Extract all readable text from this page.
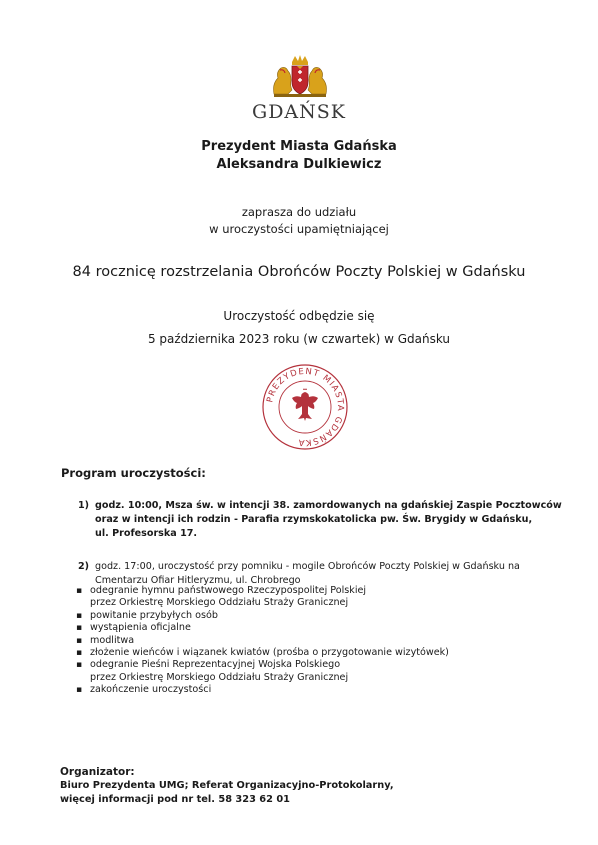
GDAŃSK
Prezydent Miasta Gdańska
Aleksandra Dulkiewicz
zaprasza do udziału
w uroczystości upamiętniającej
84 rocznicę rozstrzelania Obrońców Poczty Polskiej w Gdańsku
Uroczystość odbędzie się
5 października 2023 roku (w czwartek) w Gdańsku
PREZYDENT MIASTA GDAŃSKA
Program uroczystości:
1) godz. 10:00, Msza św. w intencji 38. zamordowanych na gdańskiej Zaspie Pocztowców
oraz w intencji ich rodzin - Parafia rzymskokatolicka pw. Św. Brygidy w Gdańsku,
ul. Profesorska 17.
2) godz. 17:00, uroczystość przy pomniku - mogile Obrońców Poczty Polskiej w Gdańsku na
Cmentarzu Ofiar Hitleryzmu, ul. Chrobrego
▪ odegranie hymnu państwowego Rzeczypospolitej Polskiej
przez Orkiestrę Morskiego Oddziału Straży Granicznej
▪ powitanie przybyłych osób
▪ wystąpienia oficjalne
▪ modlitwa
▪ złożenie wieńców i wiązanek kwiatów (prośba o przygotowanie wizytówek)
▪ odegranie Pieśni Reprezentacyjnej Wojska Polskiego
przez Orkiestrę Morskiego Oddziału Straży Granicznej
▪ zakończenie uroczystości
Organizator:
Biuro Prezydenta UMG; Referat Organizacyjno-Protokolarny,
więcej informacji pod nr tel. 58 323 62 01
